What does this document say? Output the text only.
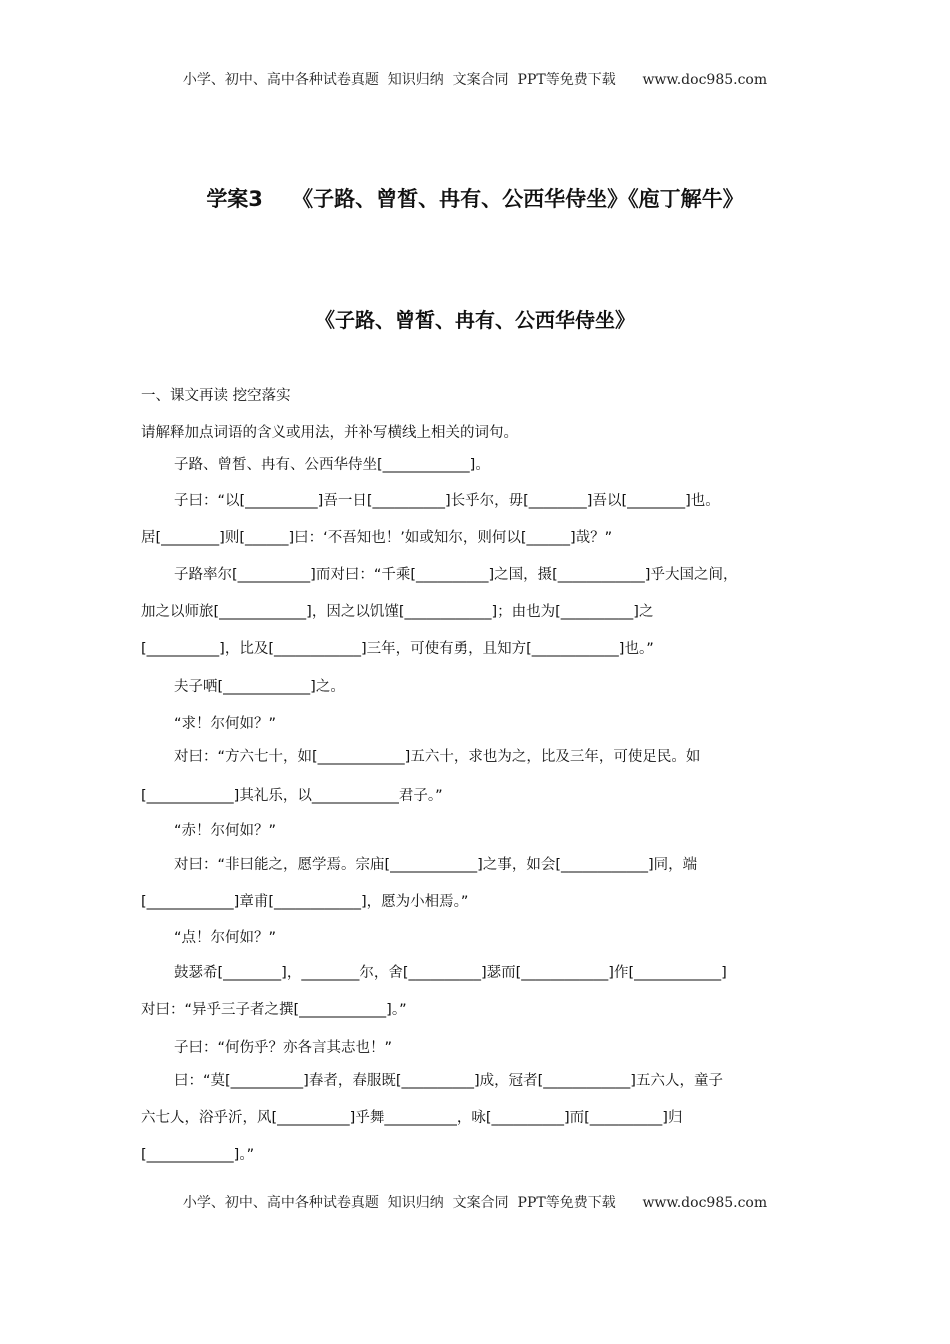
小学、初中、高中各种试卷真题  知识归纳  文案合同  PPT等免费下载      www.doc985.com
学案3    《子路、曾皙、冉有、公西华侍坐》《庖丁解牛》
《子路、曾皙、冉有、公西华侍坐》
一、课文再读 挖空落实
请解释加点词语的含义或用法，并补写横线上相关的词句。
子路、曾皙、冉有、公西华侍坐[____________]。
子曰：“以[__________]吾一日[__________]长乎尔，毋[________]吾以[________]也。
居[________]则[______]曰：‘不吾知也！’如或知尔，则何以[______]哉？”
子路率尔[__________]而对曰：“千乘[__________]之国，摄[____________]乎大国之间，
加之以师旅[____________]，因之以饥馑[____________]；由也为[__________]之
[__________]，比及[____________]三年，可使有勇，且知方[____________]也。”
夫子哂[____________]之。
“求！尔何如？”
对曰：“方六七十，如[____________]五六十，求也为之，比及三年，可使足民。如
[____________]其礼乐，以____________君子。”
“赤！尔何如？”
对曰：“非曰能之，愿学焉。宗庙[____________]之事，如会[____________]同，端
[____________]章甫[____________]，愿为小相焉。”
“点！尔何如？”
鼓瑟希[________]，________尔，舍[__________]瑟而[____________]作[____________]
对曰：“异乎三子者之撰[____________]。”
子曰：“何伤乎？亦各言其志也！”
曰：“莫[__________]春者，春服既[__________]成，冠者[____________]五六人，童子
六七人，浴乎沂，风[__________]乎舞__________，咏[__________]而[__________]归
[____________]。”
小学、初中、高中各种试卷真题  知识归纳  文案合同  PPT等免费下载      www.doc985.com
